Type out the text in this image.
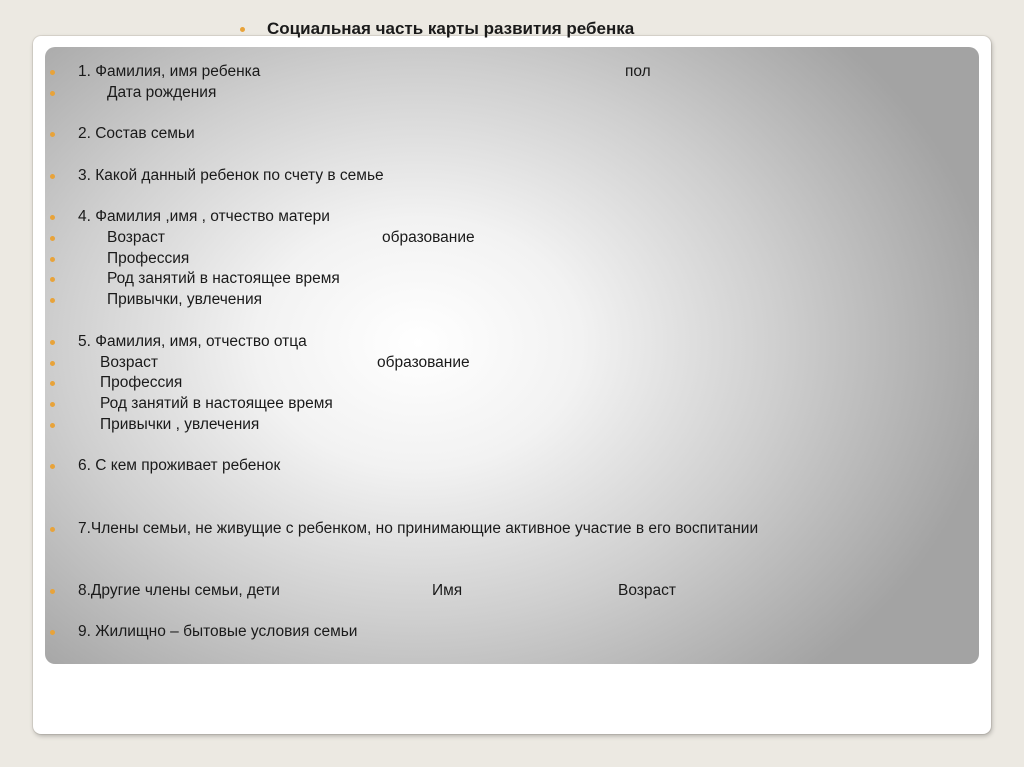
Социальная часть карты развития ребенка
1. Фамилия, имя ребенка	пол
Дата рождения
2. Состав семьи
3. Какой данный ребенок по счету в семье
4. Фамилия ,имя , отчество матери
Возраст	образование
Профессия
Род занятий в настоящее время
Привычки, увлечения
5. Фамилия, имя, отчество отца
Возраст	образование
Профессия
Род занятий в настоящее время
Привычки , увлечения
6. С кем проживает ребенок
7.Члены семьи, не живущие с ребенком, но принимающие активное участие в его воспитании
8.Другие члены семьи, дети	Имя	Возраст
9. Жилищно – бытовые условия семьи
